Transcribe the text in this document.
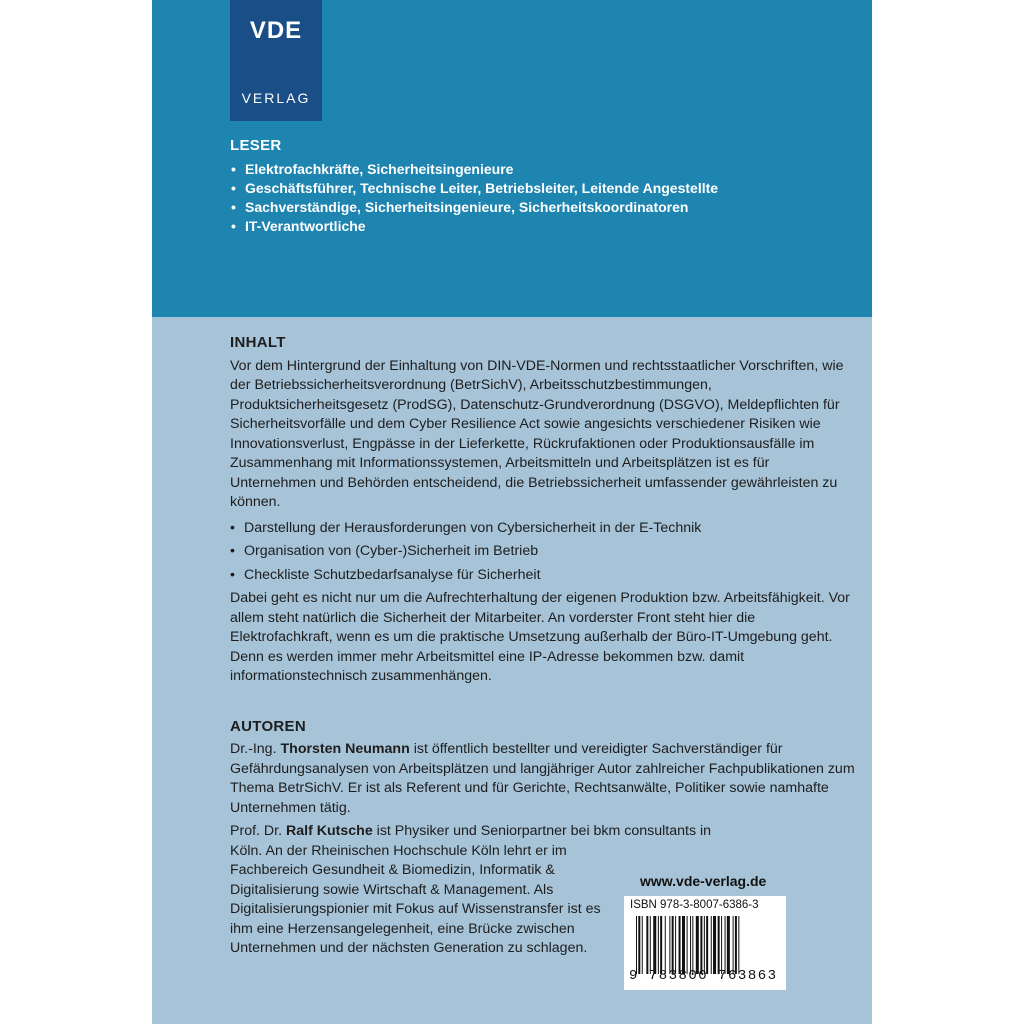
VDE
VERLAG
LESER
• Elektrofachkräfte, Sicherheitsingenieure
• Geschäftsführer, Technische Leiter, Betriebsleiter, Leitende Angestellte
• Sachverständige, Sicherheitsingenieure, Sicherheitskoordinatoren
• IT-Verantwortliche
INHALT

Vor dem Hintergrund der Einhaltung von DIN-VDE-Normen und rechtsstaatlicher Vorschriften, wie der Betriebssicherheitsverordnung (BetrSichV), Arbeitsschutzbestimmungen, Produktsicherheitsgesetz (ProdSG), Datenschutz-Grundverordnung (DSGVO), Meldepflichten für Sicherheitsvorfälle und dem Cyber Resilience Act sowie angesichts verschiedener Risiken wie Innovationsverlust, Engpässe in der Lieferkette, Rückrufaktionen oder Produktionsausfälle im Zusammenhang mit Informationssystemen, Arbeitsmitteln und Arbeitsplätzen ist es für Unternehmen und Behörden entscheidend, die Betriebssicherheit umfassender gewährleisten zu können.

• Darstellung der Herausforderungen von Cybersicherheit in der E-Technik
• Organisation von (Cyber-)Sicherheit im Betrieb
• Checkliste Schutzbedarfsanalyse für Sicherheit

Dabei geht es nicht nur um die Aufrechterhaltung der eigenen Produktion bzw. Arbeitsfähigkeit. Vor allem steht natürlich die Sicherheit der Mitarbeiter. An vorderster Front steht hier die Elektrofachkraft, wenn es um die praktische Umsetzung außerhalb der Büro-IT-Umgebung geht. Denn es werden immer mehr Arbeitsmittel eine IP-Adresse bekommen bzw. damit informationstechnisch zusammenhängen.

AUTOREN

Dr.-Ing. Thorsten Neumann ist öffentlich bestellter und vereidigter Sachverständiger für Gefährdungsanalysen von Arbeitsplätzen und langjähriger Autor zahlreicher Fachpublikationen zum Thema BetrSichV. Er ist als Referent und für Gerichte, Rechtsanwälte, Politiker sowie namhafte Unternehmen tätig.

Prof. Dr. Ralf Kutsche ist Physiker und Seniorpartner bei bkm consultants in
Köln. An der Rheinischen Hochschule Köln lehrt er im Fachbereich Gesundheit & Biomedizin, Informatik & Digitalisierung sowie Wirtschaft & Management. Als Digitalisierungspionier mit Fokus auf Wissenstransfer ist es ihm eine Herzensangelegenheit, eine Brücke zwischen Unternehmen und der nächsten Generation zu schlagen.

www.vde-verlag.de
ISBN 978-3-8007-6386-3
9 783800 763863
